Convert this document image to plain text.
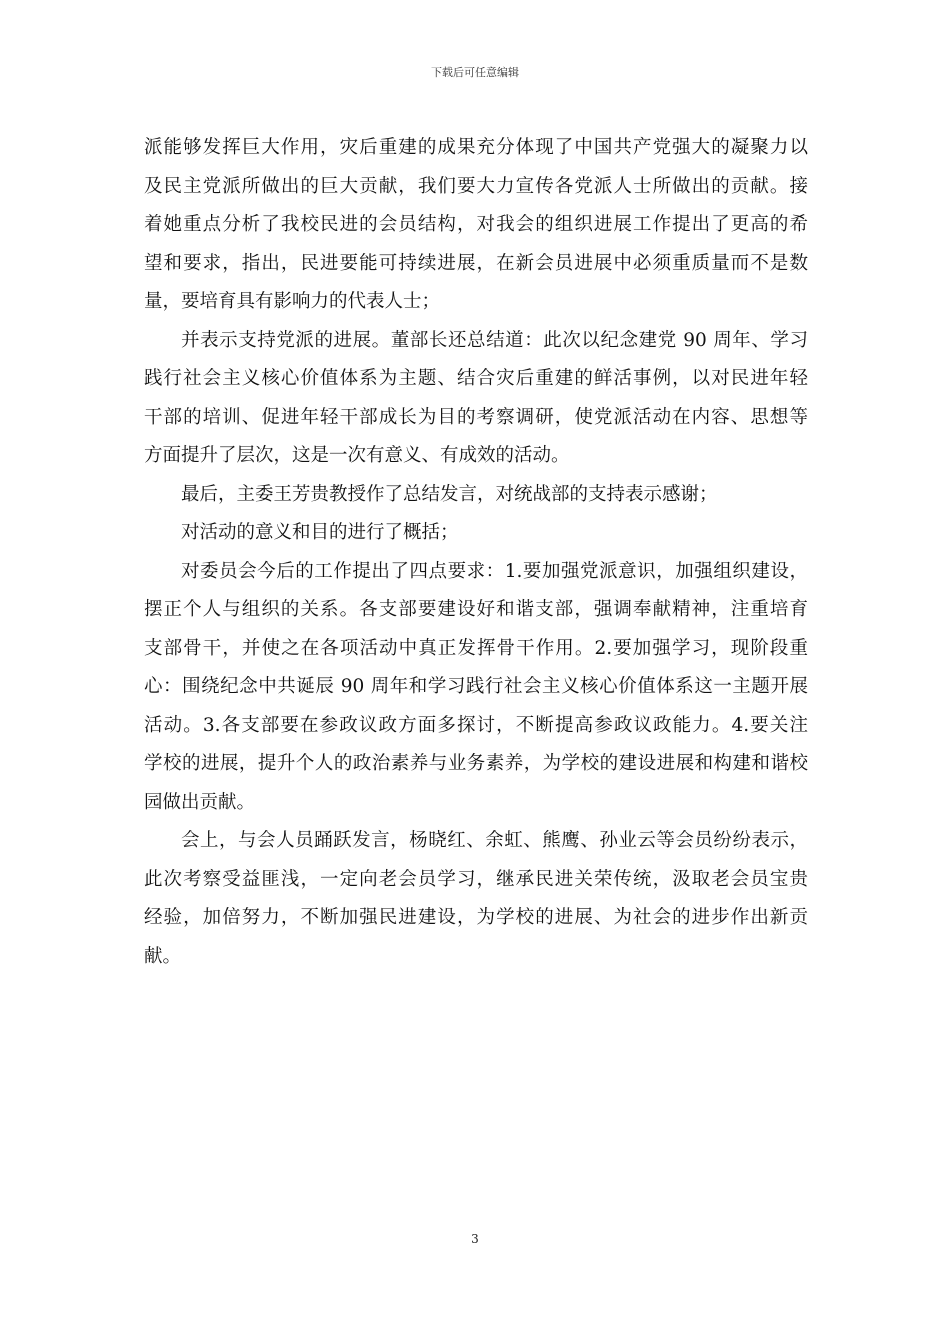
下载后可任意编辑
派能够发挥巨大作用，灾后重建的成果充分体现了中国共产党强大的凝聚力以
及民主党派所做出的巨大贡献，我们要大力宣传各党派人士所做出的贡献。接
着她重点分析了我校民进的会员结构，对我会的组织进展工作提出了更高的希
望和要求，指出，民进要能可持续进展，在新会员进展中必须重质量而不是数
量，要培育具有影响力的代表人士；
并表示支持党派的进展。董部长还总结道：此次以纪念建党 90 周年、学习
践行社会主义核心价值体系为主题、结合灾后重建的鲜活事例，以对民进年轻
干部的培训、促进年轻干部成长为目的考察调研，使党派活动在内容、思想等
方面提升了层次，这是一次有意义、有成效的活动。
最后，主委王芳贵教授作了总结发言，对统战部的支持表示感谢；
对活动的意义和目的进行了概括；
对委员会今后的工作提出了四点要求：1.要加强党派意识，加强组织建设，
摆正个人与组织的关系。各支部要建设好和谐支部，强调奉献精神，注重培育
支部骨干，并使之在各项活动中真正发挥骨干作用。2.要加强学习，现阶段重
心：围绕纪念中共诞辰 90 周年和学习践行社会主义核心价值体系这一主题开展
活动。3.各支部要在参政议政方面多探讨，不断提高参政议政能力。4.要关注
学校的进展，提升个人的政治素养与业务素养，为学校的建设进展和构建和谐校
园做出贡献。
会上，与会人员踊跃发言，杨晓红、余虹、熊鹰、孙业云等会员纷纷表示，
此次考察受益匪浅，一定向老会员学习，继承民进关荣传统，汲取老会员宝贵
经验，加倍努力，不断加强民进建设，为学校的进展、为社会的进步作出新贡
献。
3
